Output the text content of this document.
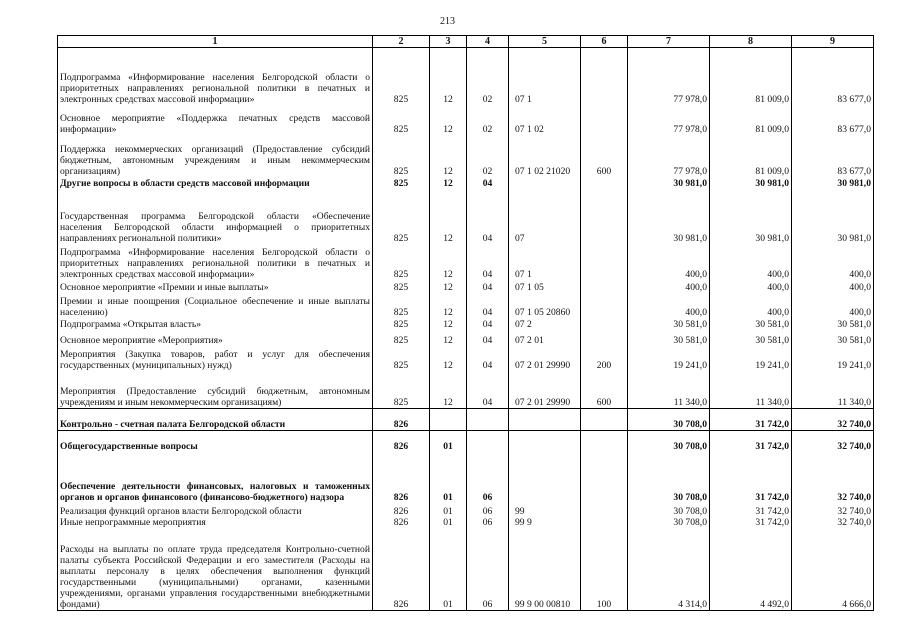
213
1	2	3	4	5	6	7	8	9
Подпрограмма «Информирование населения Белгородской области о приоритетных направлениях региональной политики в печатных и электронных средствах массовой информации»	825	12	02	07 1		77 978,0	81 009,0	83 677,0
Основное мероприятие «Поддержка печатных средств массовой информации»	825	12	02	07 1 02		77 978,0	81 009,0	83 677,0
Поддержка некоммерческих организаций (Предоставление субсидий бюджетным, автономным учреждениям и иным некоммерческим организациям)	825	12	02	07 1 02 21020	600	77 978,0	81 009,0	83 677,0
Другие вопросы в области средств массовой информации	825	12	04			30 981,0	30 981,0	30 981,0
Государственная программа Белгородской области «Обеспечение населения Белгородской области информацией о приоритетных направлениях региональной политики»	825	12	04	07		30 981,0	30 981,0	30 981,0
Подпрограмма «Информирование населения Белгородской области о приоритетных направлениях региональной политики в печатных и электронных средствах массовой информации»	825	12	04	07 1		400,0	400,0	400,0
Основное мероприятие «Премии и иные выплаты»	825	12	04	07 1 05		400,0	400,0	400,0
Премии и иные поощрения (Социальное обеспечение и иные выплаты населению)	825	12	04	07 1 05 20860		400,0	400,0	400,0
Подпрограмма «Открытая власть»	825	12	04	07 2		30 581,0	30 581,0	30 581,0
Основное мероприятие «Мероприятия»	825	12	04	07 2 01		30 581,0	30 581,0	30 581,0
Мероприятия (Закупка товаров, работ и услуг для обеспечения государственных (муниципальных) нужд)	825	12	04	07 2 01 29990	200	19 241,0	19 241,0	19 241,0
Мероприятия (Предоставление субсидий бюджетным, автономным учреждениям и иным некоммерческим организациям)	825	12	04	07 2 01 29990	600	11 340,0	11 340,0	11 340,0
Контрольно - счетная палата Белгородской области	826					30 708,0	31 742,0	32 740,0
Общегосударственные вопросы	826	01				30 708,0	31 742,0	32 740,0
Обеспечение деятельности финансовых, налоговых и таможенных органов и органов финансового (финансово-бюджетного) надзора	826	01	06			30 708,0	31 742,0	32 740,0
Реализация функций органов власти Белгородской области	826	01	06	99		30 708,0	31 742,0	32 740,0
Иные непрограммные мероприятия	826	01	06	99 9		30 708,0	31 742,0	32 740,0
Расходы на выплаты по оплате труда председателя Контрольно-счетной палаты субъекта Российской Федерации и его заместителя (Расходы на выплаты персоналу в целях обеспечения выполнения функций государственными (муниципальными) органами, казенными учреждениями, органами управления государственными внебюджетными фондами)	826	01	06	99 9 00 00810	100	4 314,0	4 492,0	4 666,0
